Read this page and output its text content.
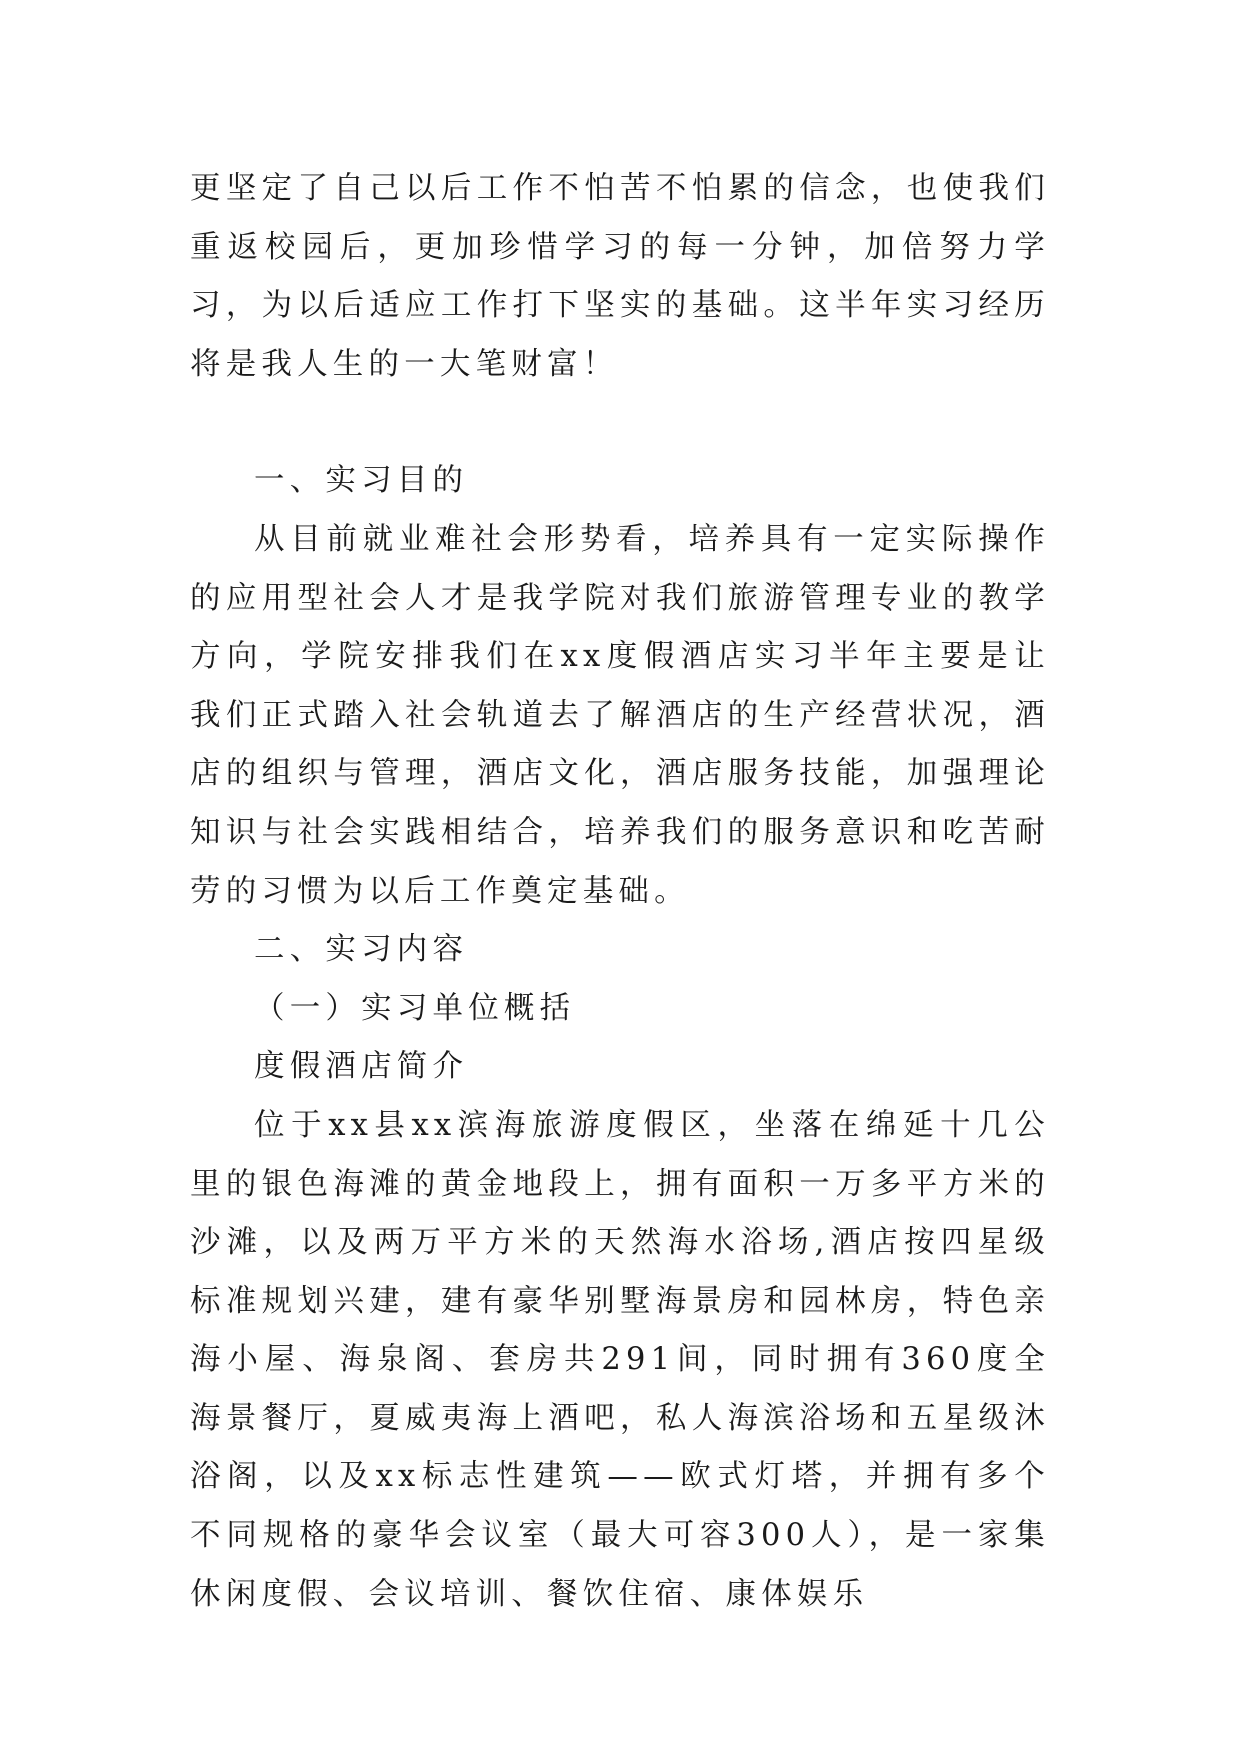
更坚定了自己以后工作不怕苦不怕累的信念，也使我们重返校园后，更加珍惜学习的每一分钟，加倍努力学习，为以后适应工作打下坚实的基础。这半年实习经历将是我人生的一大笔财富！

一、实习目的

从目前就业难社会形势看，培养具有一定实际操作的应用型社会人才是我学院对我们旅游管理专业的教学方向，学院安排我们在xx度假酒店实习半年主要是让我们正式踏入社会轨道去了解酒店的生产经营状况，酒店的组织与管理，酒店文化，酒店服务技能，加强理论知识与社会实践相结合，培养我们的服务意识和吃苦耐劳的习惯为以后工作奠定基础。

二、实习内容

（一）实习单位概括

度假酒店简介

位于xx县xx滨海旅游度假区，坐落在绵延十几公里的银色海滩的黄金地段上，拥有面积一万多平方米的沙滩，以及两万平方米的天然海水浴场,酒店按四星级标准规划兴建，建有豪华别墅海景房和园林房，特色亲海小屋、海泉阁、套房共291间，同时拥有360度全海景餐厅，夏威夷海上酒吧，私人海滨浴场和五星级沐浴阁，以及xx标志性建筑——欧式灯塔，并拥有多个不同规格的豪华会议室（最大可容300人），是一家集休闲度假、会议培训、餐饮住宿、康体娱乐
